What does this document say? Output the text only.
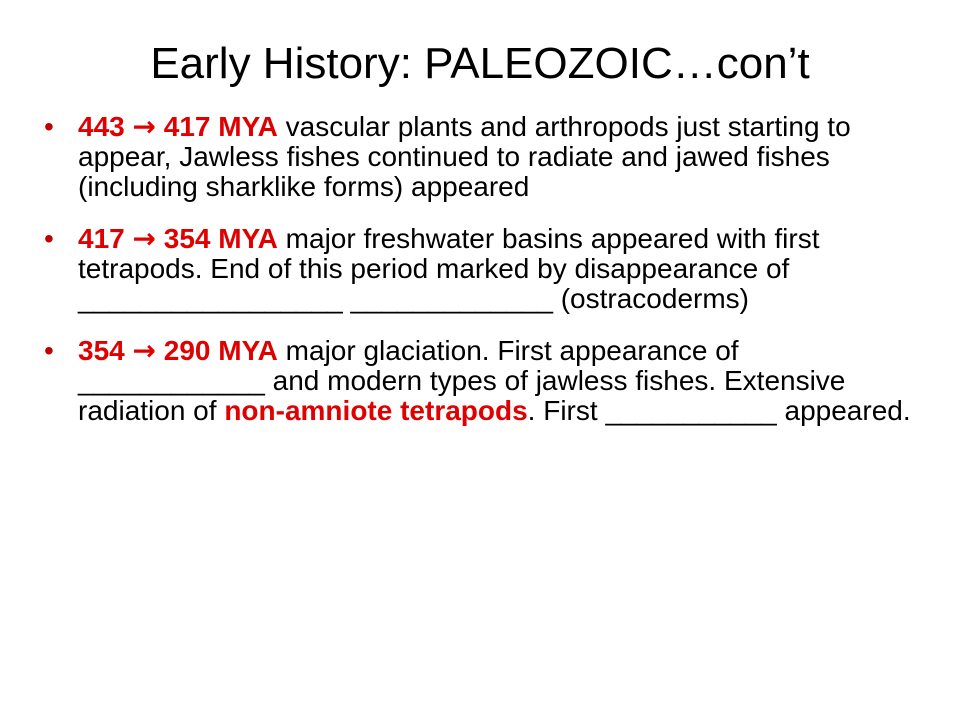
Early History: PALEOZOIC…con’t
• 443 → 417 MYA vascular plants and arthropods just starting to appear, Jawless fishes continued to radiate and jawed fishes (including sharklike forms) appeared
• 417 → 354 MYA major freshwater basins appeared with first tetrapods. End of this period marked by disappearance of _________________ _____________ (ostracoderms)
• 354 → 290 MYA major glaciation. First appearance of ____________ and modern types of jawless fishes. Extensive radiation of non-amniote tetrapods. First ___________ appeared.
